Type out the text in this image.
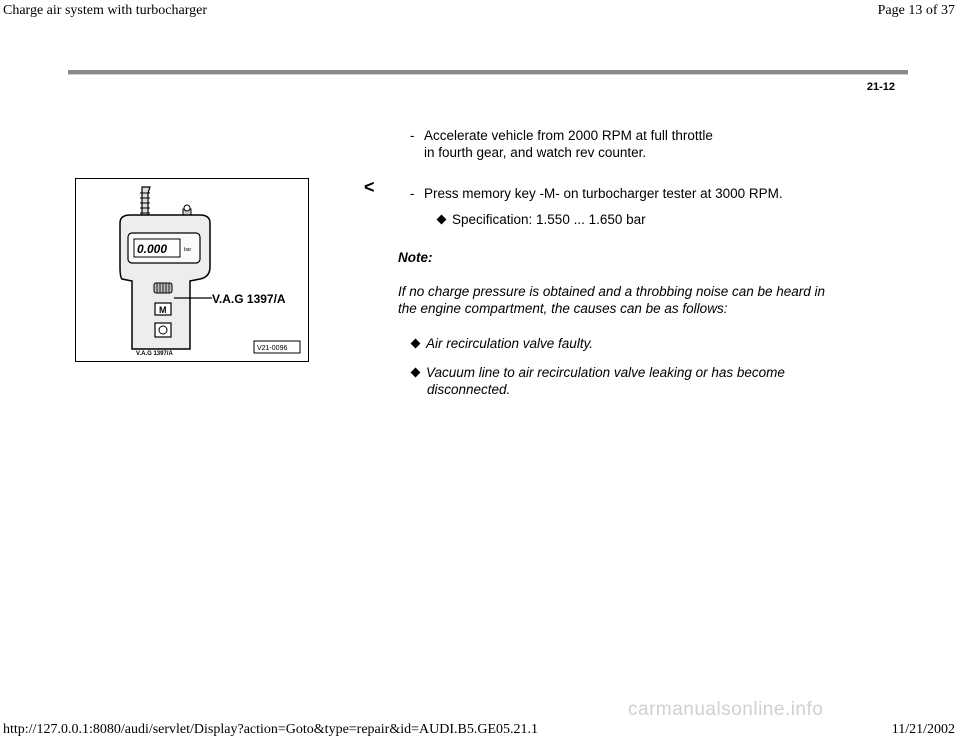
Charge air system with turbocharger	Page 13 of 37
21-12
- Accelerate vehicle from 2000 RPM at full throttle
in fourth gear, and watch rev counter.
<
0.000	bar
M
V.A.G 1397/A
V.A.G 1397/A
V21-0096
- Press memory key -M- on turbocharger tester at 3000 RPM.
Specification: 1.550 ... 1.650 bar
Note:
If no charge pressure is obtained and a throbbing noise can be heard in
the engine compartment, the causes can be as follows:
Air recirculation valve faulty.
Vacuum line to air recirculation valve leaking or has become
disconnected.
carmanualsonline.info
http://127.0.0.1:8080/audi/servlet/Display?action=Goto&type=repair&id=AUDI.B5.GE05.21.1	11/21/2002
